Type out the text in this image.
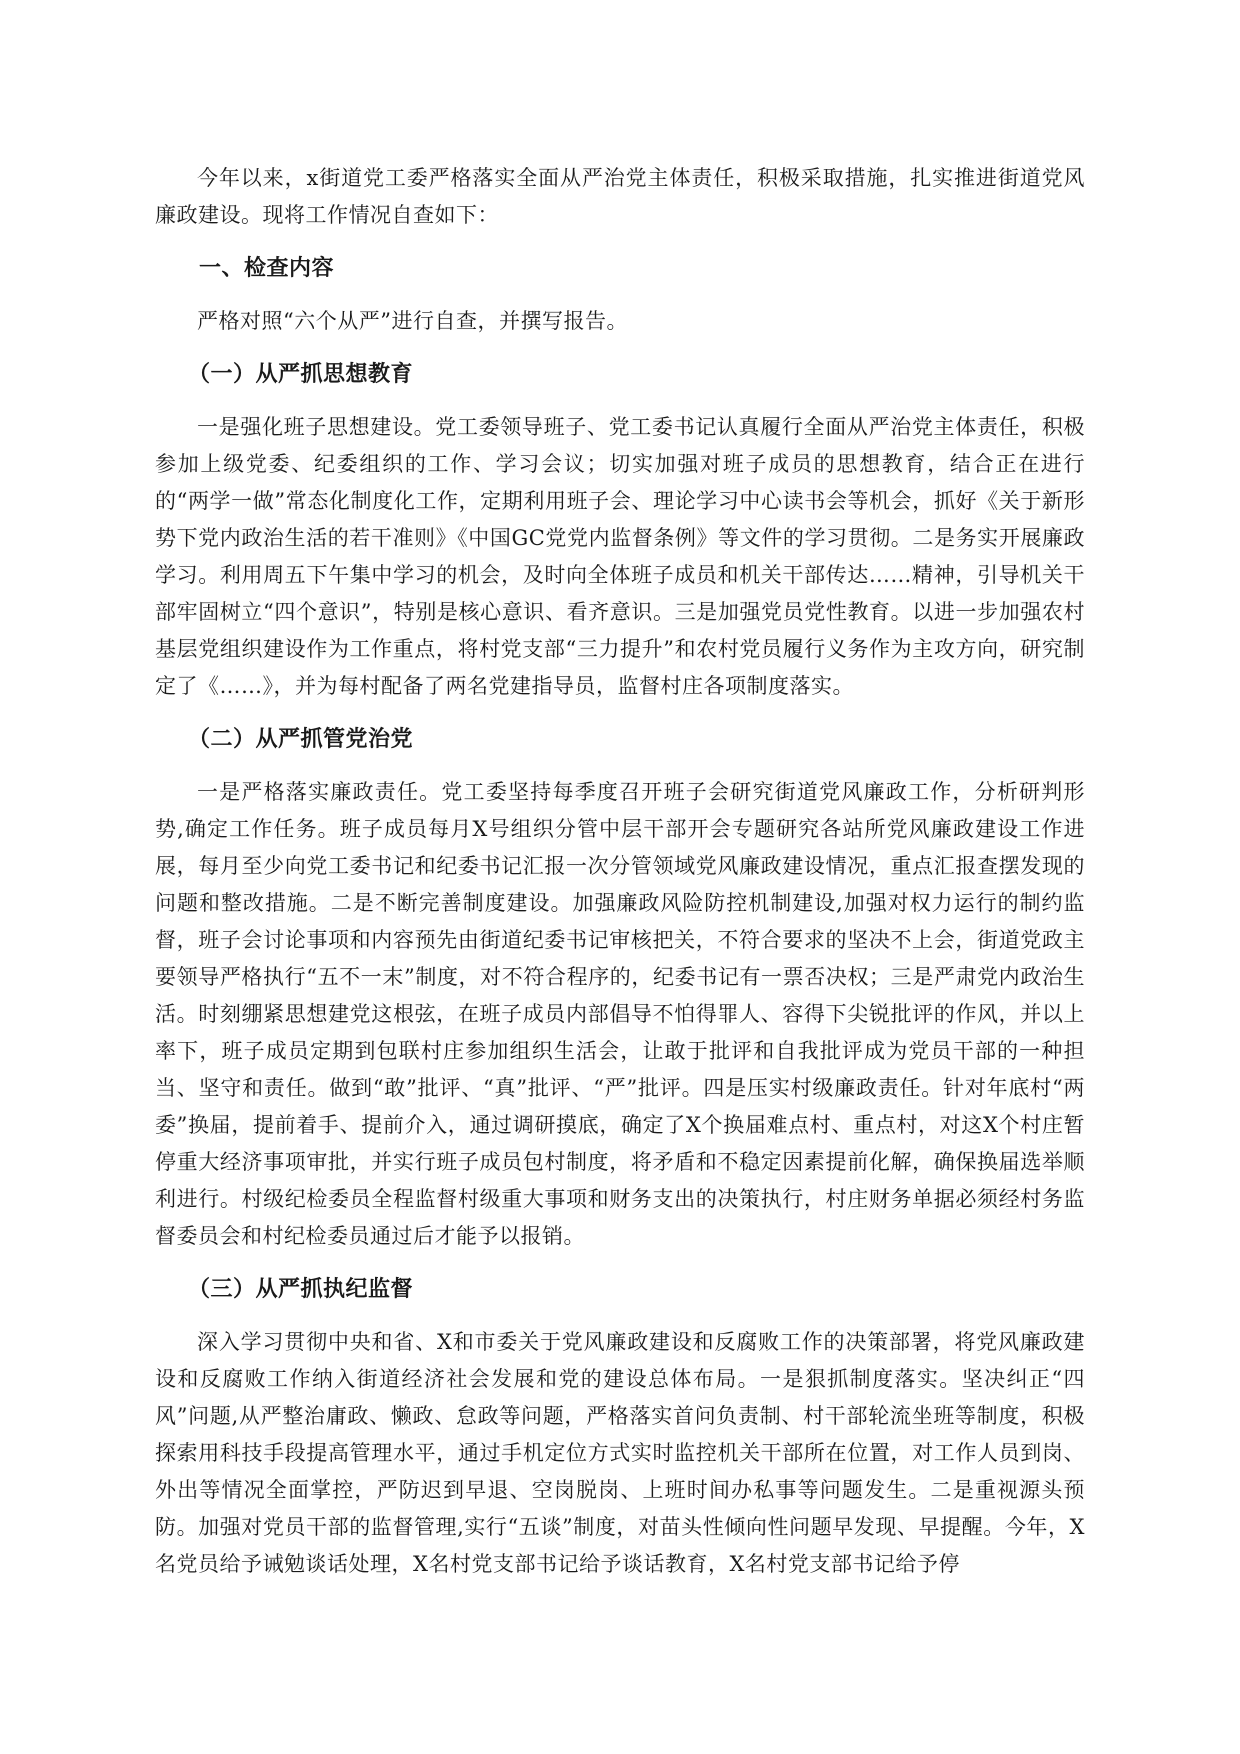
今年以来，x街道党工委严格落实全面从严治党主体责任，积极采取措施，扎实推进街道党风廉政建设。现将工作情况自查如下：

一、检查内容

严格对照“六个从严”进行自查，并撰写报告。

（一）从严抓思想教育

一是强化班子思想建设。党工委领导班子、党工委书记认真履行全面从严治党主体责任，积极参加上级党委、纪委组织的工作、学习会议；切实加强对班子成员的思想教育，结合正在进行的“两学一做”常态化制度化工作，定期利用班子会、理论学习中心读书会等机会，抓好《关于新形势下党内政治生活的若干准则》《中国GC党党内监督条例》等文件的学习贯彻。二是务实开展廉政学习。利用周五下午集中学习的机会，及时向全体班子成员和机关干部传达……精神，引导机关干部牢固树立“四个意识”，特别是核心意识、看齐意识。三是加强党员党性教育。以进一步加强农村基层党组织建设作为工作重点，将村党支部“三力提升”和农村党员履行义务作为主攻方向，研究制定了《……》，并为每村配备了两名党建指导员，监督村庄各项制度落实。

（二）从严抓管党治党

一是严格落实廉政责任。党工委坚持每季度召开班子会研究街道党风廉政工作，分析研判形势,确定工作任务。班子成员每月X号组织分管中层干部开会专题研究各站所党风廉政建设工作进展，每月至少向党工委书记和纪委书记汇报一次分管领域党风廉政建设情况，重点汇报查摆发现的问题和整改措施。二是不断完善制度建设。加强廉政风险防控机制建设,加强对权力运行的制约监督，班子会讨论事项和内容预先由街道纪委书记审核把关，不符合要求的坚决不上会，街道党政主要领导严格执行“五不一末”制度，对不符合程序的，纪委书记有一票否决权；三是严肃党内政治生活。时刻绷紧思想建党这根弦，在班子成员内部倡导不怕得罪人、容得下尖锐批评的作风，并以上率下，班子成员定期到包联村庄参加组织生活会，让敢于批评和自我批评成为党员干部的一种担当、坚守和责任。做到“敢”批评、“真”批评、“严”批评。四是压实村级廉政责任。针对年底村“两委”换届，提前着手、提前介入，通过调研摸底，确定了X个换届难点村、重点村，对这X个村庄暂停重大经济事项审批，并实行班子成员包村制度，将矛盾和不稳定因素提前化解，确保换届选举顺利进行。村级纪检委员全程监督村级重大事项和财务支出的决策执行，村庄财务单据必须经村务监督委员会和村纪检委员通过后才能予以报销。

（三）从严抓执纪监督

深入学习贯彻中央和省、X和市委关于党风廉政建设和反腐败工作的决策部署，将党风廉政建设和反腐败工作纳入街道经济社会发展和党的建设总体布局。一是狠抓制度落实。坚决纠正“四风”问题,从严整治庸政、懒政、怠政等问题，严格落实首问负责制、村干部轮流坐班等制度，积极探索用科技手段提高管理水平，通过手机定位方式实时监控机关干部所在位置，对工作人员到岗、外出等情况全面掌控，严防迟到早退、空岗脱岗、上班时间办私事等问题发生。二是重视源头预防。加强对党员干部的监督管理,实行“五谈”制度，对苗头性倾向性问题早发现、早提醒。今年，X名党员给予诫勉谈话处理，X名村党支部书记给予谈话教育，X名村党支部书记给予停
